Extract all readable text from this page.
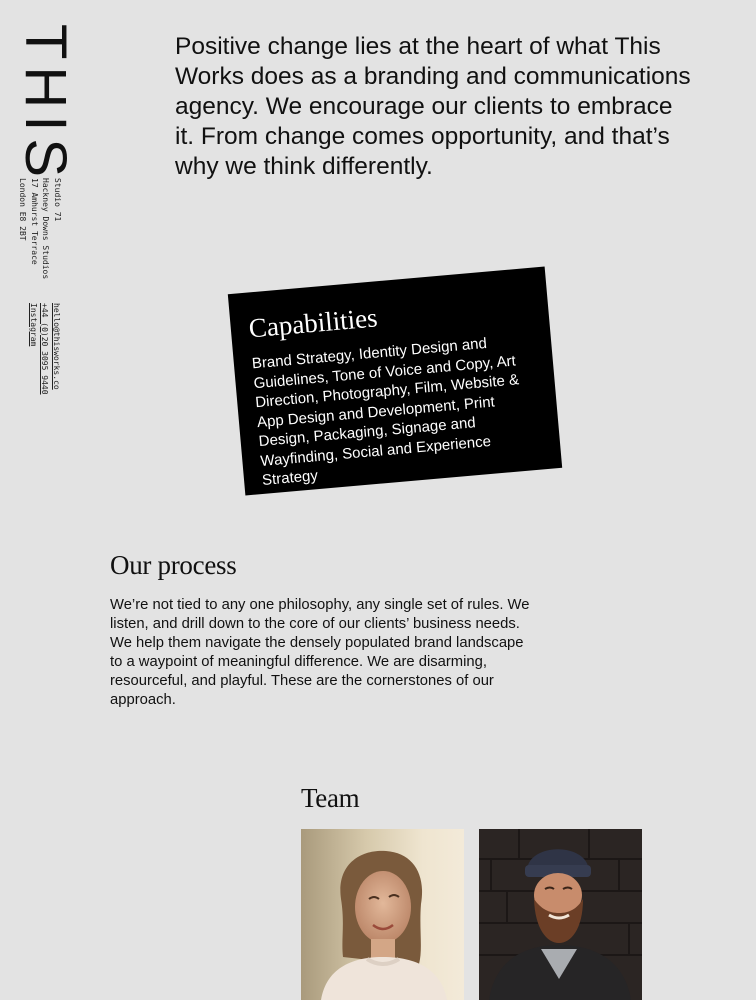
THIS
Studio 71
Hackney Downs Studios
17 Amhurst Terrace
London E8 2BT
hello@thisworks.co
+44 (0)20 3095 9440
Instagram

Positive change lies at the heart of what This Works does as a branding and communications agency. We encourage our clients to embrace it. From change comes opportunity, and that’s why we think differently.

Capabilities

Brand Strategy, Identity Design and Guidelines, Tone of Voice and Copy, Art Direction, Photography, Film, Website & App Design and Development, Print Design, Packaging, Signage and Wayfinding, Social and Experience Strategy

Our process

We’re not tied to any one philosophy, any single set of rules. We listen, and drill down to the core of our clients’ business needs. We help them navigate the densely populated brand landscape to a waypoint of meaningful difference. We are disarming, resourceful, and playful. These are the cornerstones of our approach.

Team
